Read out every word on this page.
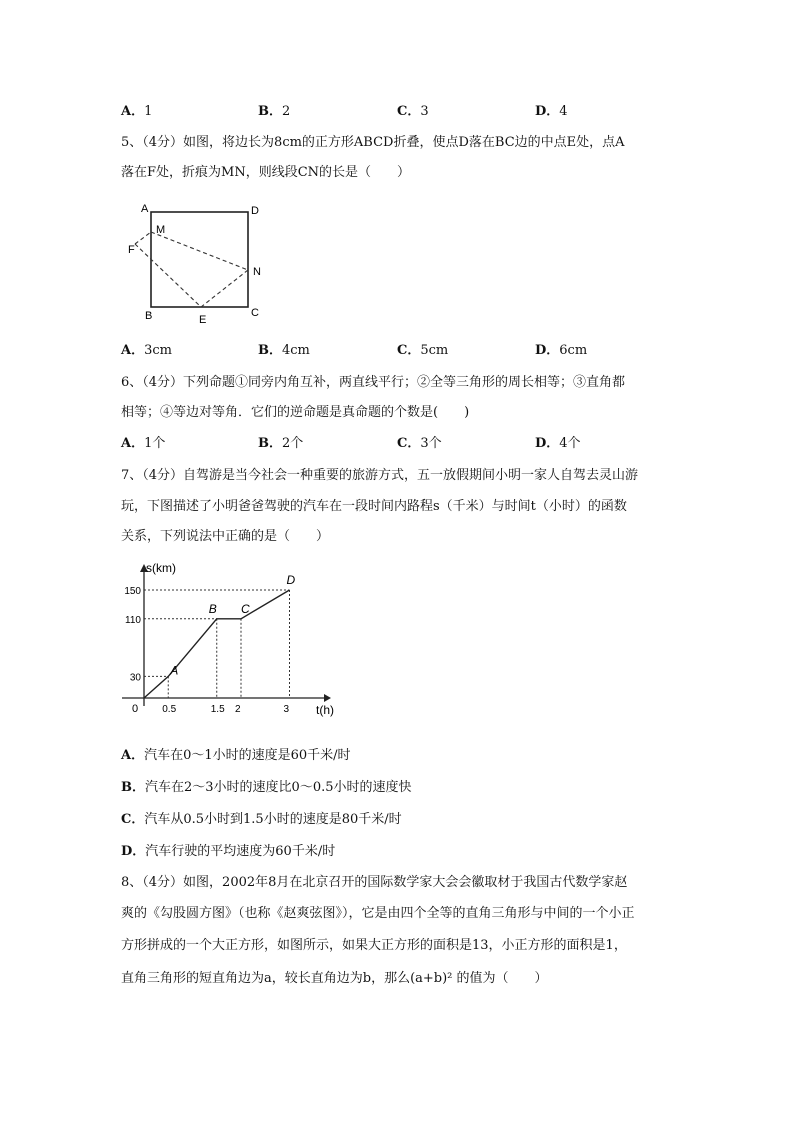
A．1	B．2	C．3	D．4
5、（4分）如图，将边长为8cm的正方形ABCD折叠，使点D落在BC边的中点E处，点A
落在F处，折痕为MN，则线段CN的长是（　　）
A	D
M
F
N
B	E
C
A．3cm	B．4cm	C．5cm	D．6cm
6、（4分）下列命题①同旁内角互补，两直线平行；②全等三角形的周长相等；③直角都
相等；④等边对等角．它们的逆命题是真命题的个数是(　　)
A．1个	B．2个	C．3个	D．4个
7、（4分）自驾游是当今社会一种重要的旅游方式，五一放假期间小明一家人自驾去灵山游
玩，下图描述了小明爸爸驾驶的汽车在一段时间内路程s（千米）与时间t（小时）的函数
关系，下列说法中正确的是（　　）
A
B C
D
0.5	1.5 2	3
30
110
150
0	t(h)
s(km)
A．汽车在0～1小时的速度是60千米/时
B．汽车在2～3小时的速度比0～0.5小时的速度快
C．汽车从0.5小时到1.5小时的速度是80千米/时
D．汽车行驶的平均速度为60千米/时
8、（4分）如图，2002年8月在北京召开的国际数学家大会会徽取材于我国古代数学家赵
爽的《勾股圆方图》（也称《赵爽弦图》），它是由四个全等的直角三角形与中间的一个小正
方形拼成的一个大正方形，如图所示，如果大正方形的面积是13，小正方形的面积是1，
直角三角形的短直角边为a，较长直角边为b，那么(a+b)² 的值为（　　）
